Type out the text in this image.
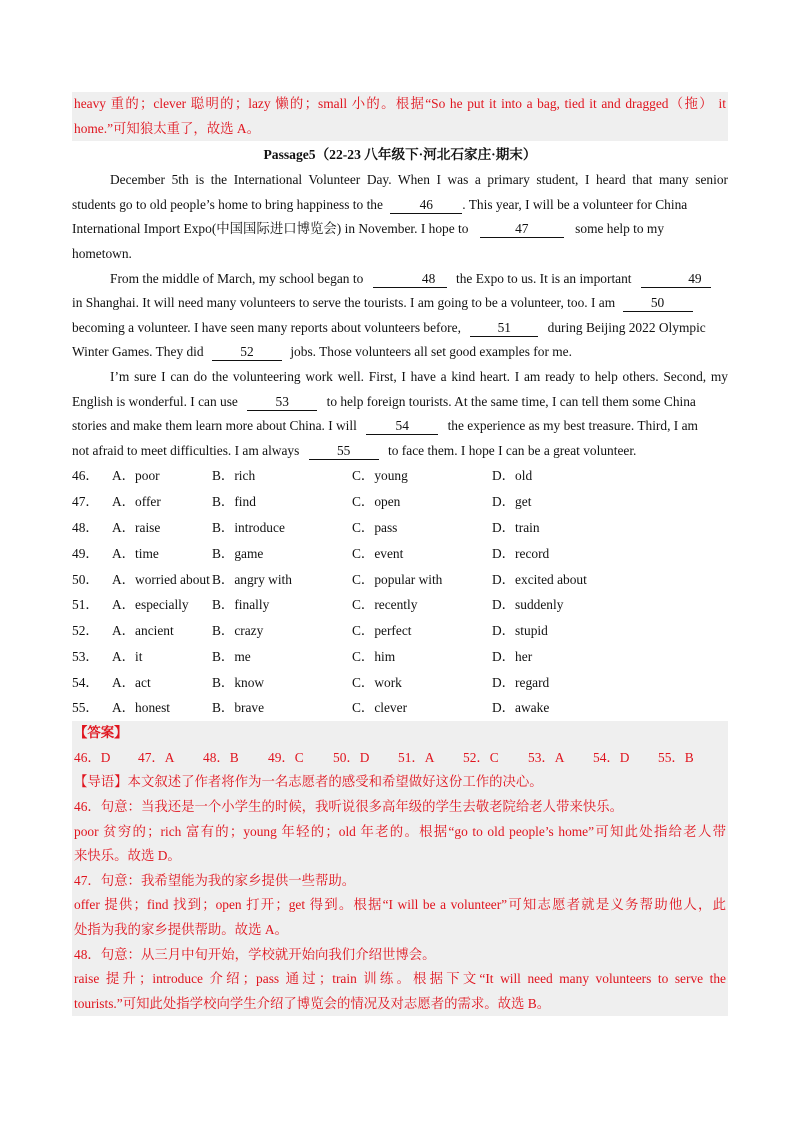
heavy 重的；clever 聪明的；lazy 懒的；small 小的。根据“So he put it into a bag, tied it and dragged（拖） it
home.”可知狼太重了，故选 A。
Passage5（22-23 八年级下·河北石家庄·期末）
December 5th is the International Volunteer Day. When I was a primary student, I heard that many senior
students go to old people’s home to bring happiness to the	46 . This year, I will be a volunteer for China
International Import Expo(中国国际进口博览会) in November. I hope to	47	some help to my
hometown.
From the middle of March, my school began to	48 the Expo to us. It is an important	49
in Shanghai. It will need many volunteers to serve the tourists. I am going to be a volunteer, too. I am	50
becoming a volunteer. I have seen many reports about volunteers before,	51	during Beijing 2022 Olympic
Winter Games. They did	52	jobs. Those volunteers all set good examples for me.
I’m sure I can do the volunteering work well. First, I have a kind heart. I am ready to help others. Second, my
English is wonderful. I can use	53	to help foreign tourists. At the same time, I can tell them some China
stories and make them learn more about China. I will	54	the experience as my best treasure. Third, I am
not afraid to meet difficulties. I am always	55	to face them. I hope I can be a great volunteer.
46． A．poor	B．rich	C．young	D．old
47． A．offer	B．find	C．open	D．get
48． A．raise	B．introduce	C．pass	D．train
49． A．time	B．game	C．event	D．record
50． A．worried about B．angry with	C．popular with	D．excited about
51． A．especially	B．finally	C．recently	D．suddenly
52． A．ancient	B．crazy	C．perfect	D．stupid
53． A．it	B．me	C．him	D．her
54． A．act	B．know	C．work	D．regard
55． A．honest	B．brave	C．clever	D．awake
【答案】
46．D	47．A	48．B	49．C	50．D	51．A	52．C	53．A	54．D	55．B
【导语】本文叙述了作者将作为一名志愿者的感受和希望做好这份工作的决心。
46．句意：当我还是一个小学生的时候，我听说很多高年级的学生去敬老院给老人带来快乐。
poor 贫穷的；rich 富有的；young 年轻的；old 年老的。根据“go to old people’s home”可知此处指给老人带
来快乐。故选 D。
47．句意：我希望能为我的家乡提供一些帮助。
offer 提供；find 找到；open 打开；get 得到。根据“I will be a volunteer”可知志愿者就是义务帮助他人，此
处指为我的家乡提供帮助。故选 A。
48．句意：从三月中旬开始，学校就开始向我们介绍世博会。
raise 提升；introduce 介绍；pass 通过；train 训练。根据下文“It will need many volunteers to serve the
tourists.”可知此处指学校向学生介绍了博览会的情况及对志愿者的需求。故选 B。
